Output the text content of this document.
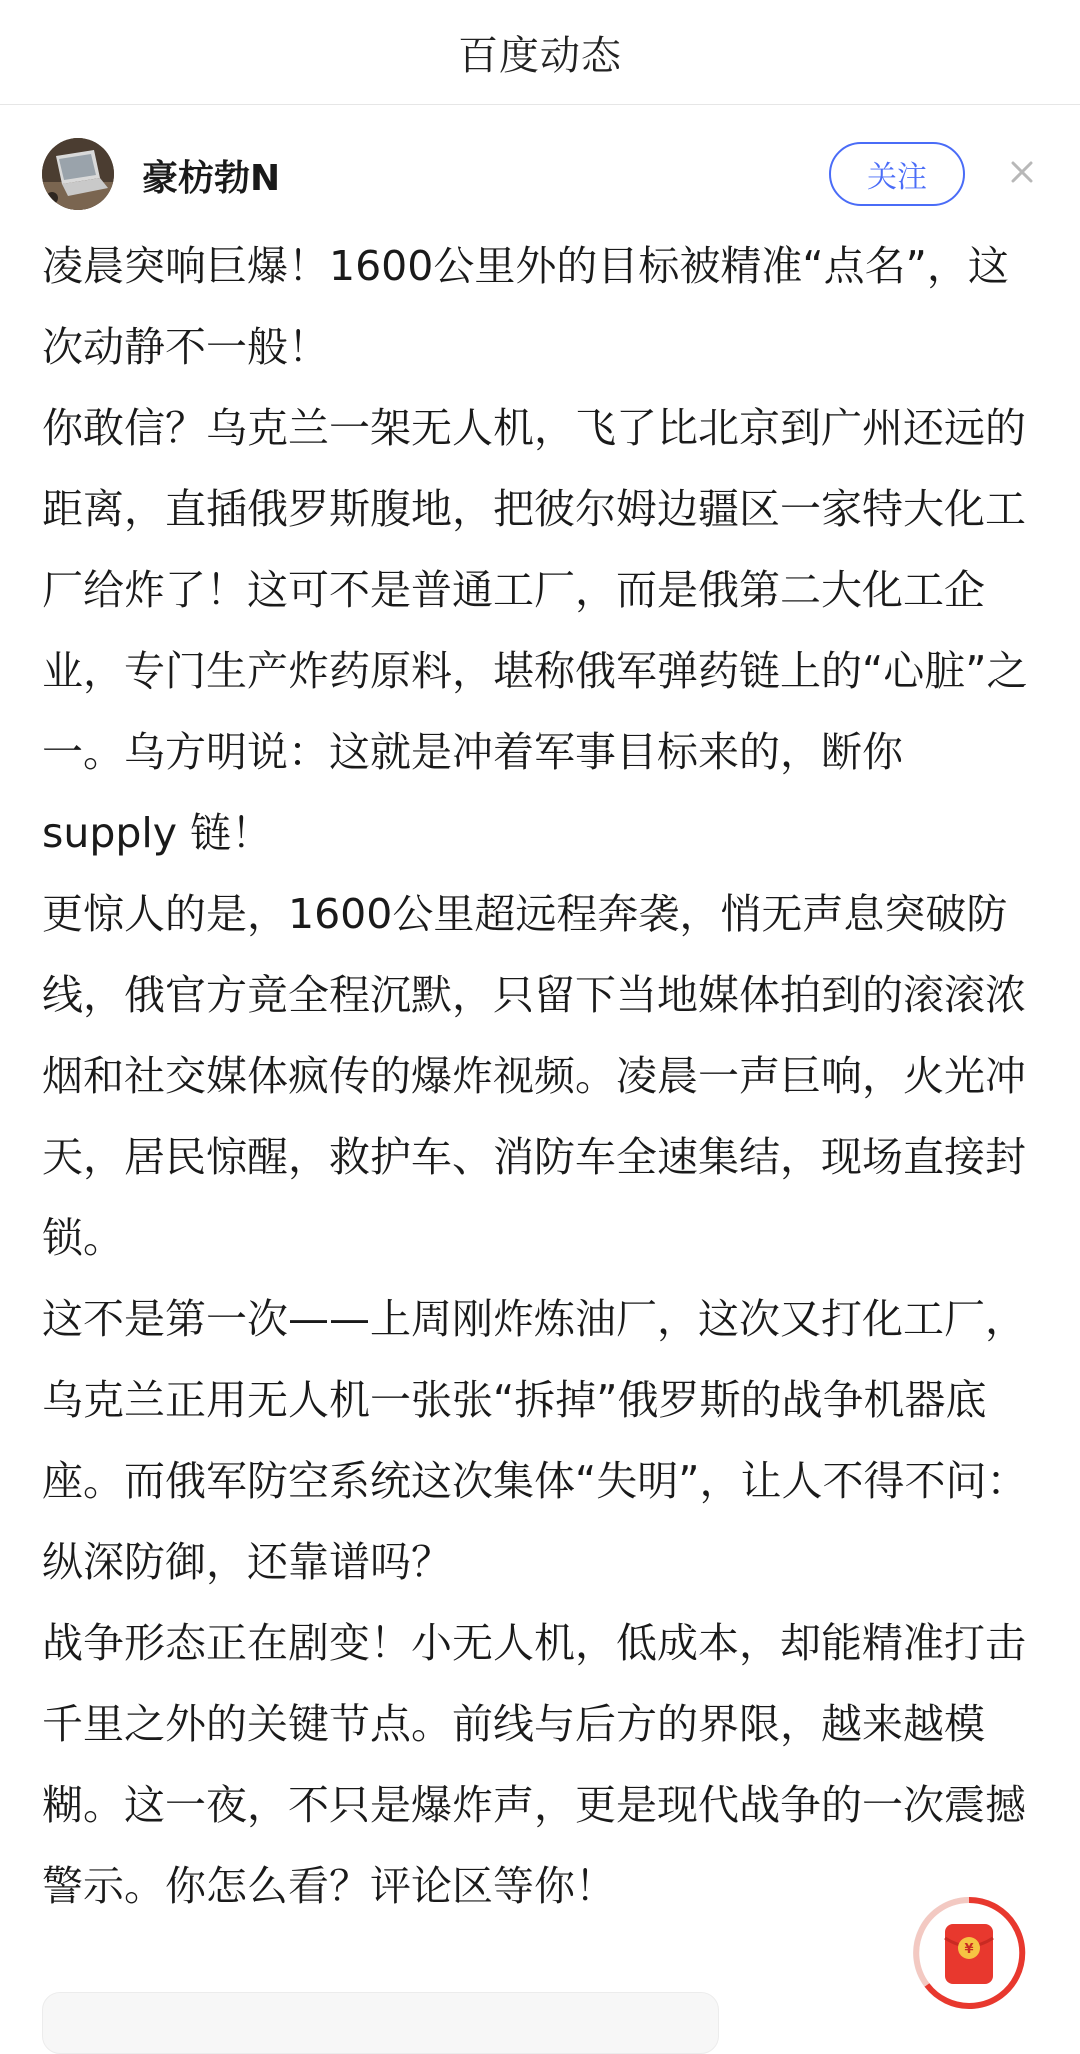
百度动态
豪枋勃N	关注

凌晨突响巨爆！1600公里外的目标被精准“点名”，这次动静不一般！

你敢信？乌克兰一架无人机，飞了比北京到广州还远的距离，直插俄罗斯腹地，把彼尔姆边疆区一家特大化工厂给炸了！这可不是普通工厂，而是俄第二大化工企业，专门生产炸药原料，堪称俄军弹药链上的“心脏”之一。乌方明说：这就是冲着军事目标来的，断你 supply 链！

更惊人的是，1600公里超远程奔袭，悄无声息突破防线，俄官方竟全程沉默，只留下当地媒体拍到的滚滚浓烟和社交媒体疯传的爆炸视频。凌晨一声巨响，火光冲天，居民惊醒，救护车、消防车全速集结，现场直接封锁。

这不是第一次——上周刚炸炼油厂，这次又打化工厂，乌克兰正用无人机一张张“拆掉”俄罗斯的战争机器底座。而俄军防空系统这次集体“失明”，让人不得不问：纵深防御，还靠谱吗？

战争形态正在剧变！小无人机，低成本，却能精准打击千里之外的关键节点。前线与后方的界限，越来越模糊。这一夜，不只是爆炸声，更是现代战争的一次震撼警示。你怎么看？评论区等你！

¥
